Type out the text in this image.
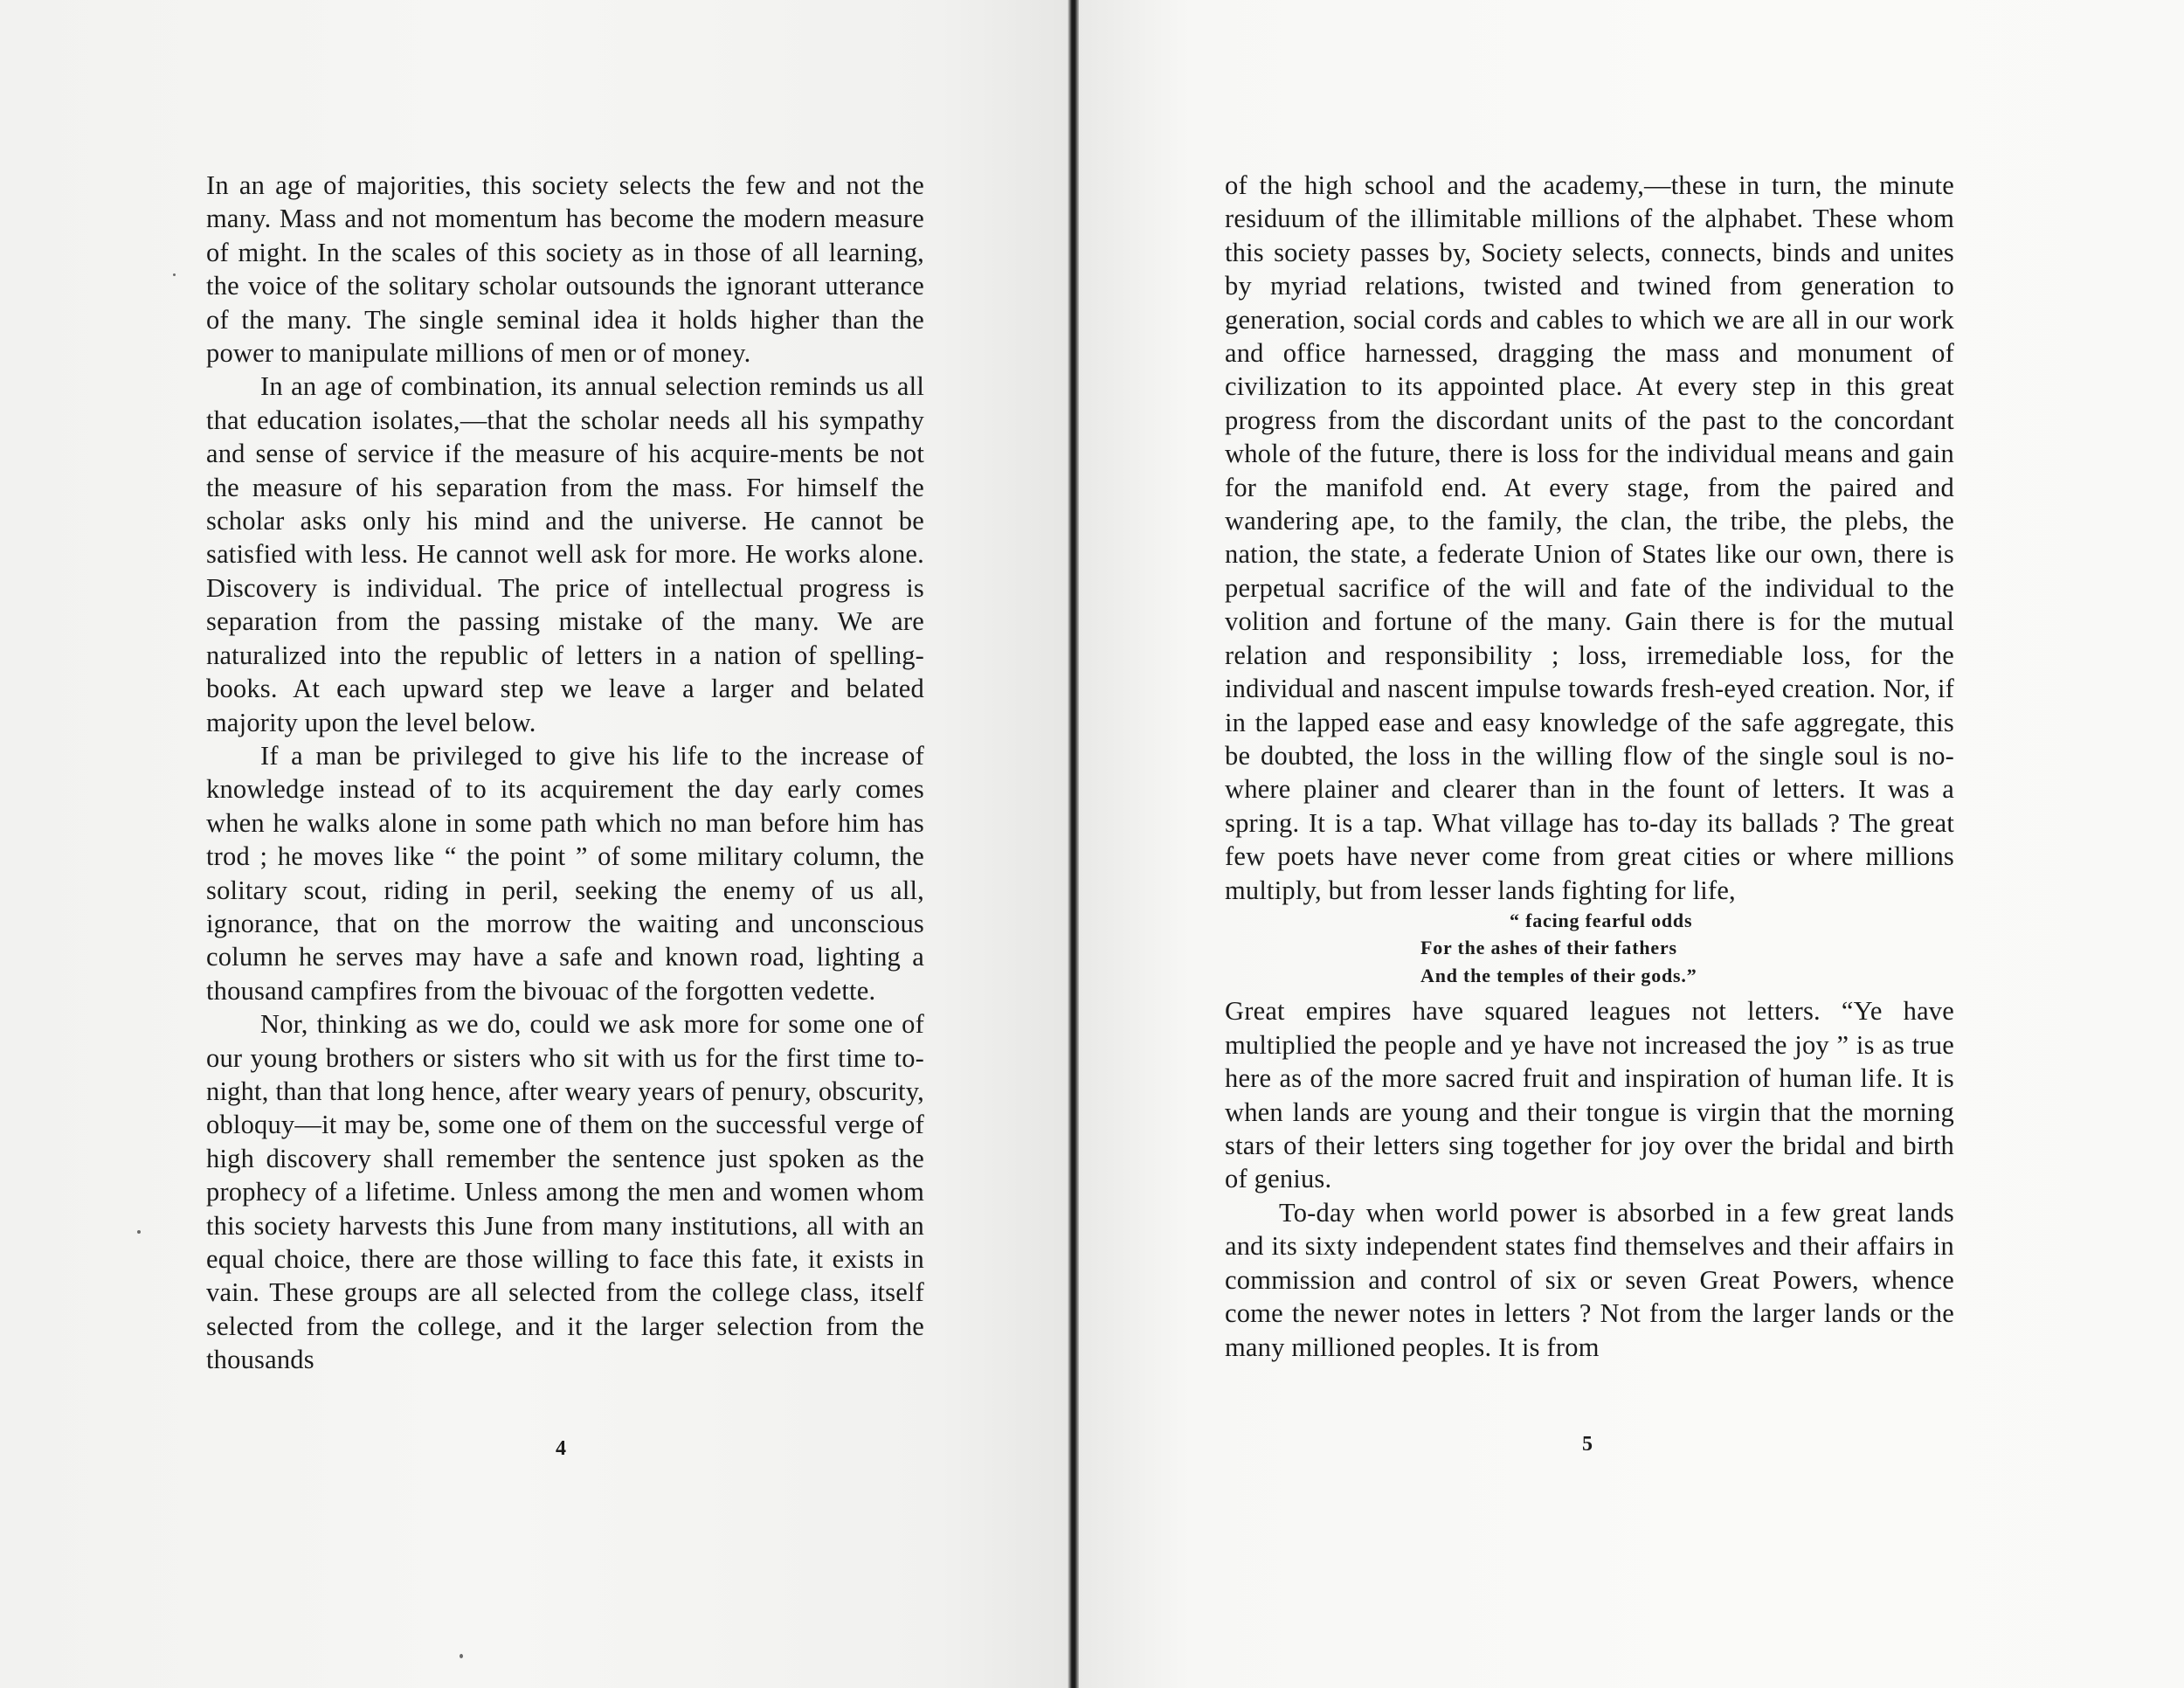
In an age of majorities, this society selects the few and not the many. Mass and not momentum has become the modern measure of might. In the scales of this society as in those of all learning, the voice of the solitary scholar outsounds the ignorant utterance of the many. The single seminal idea it holds higher than the power to manipulate millions of men or of money.

In an age of combination, its annual selection reminds us all that education isolates,—that the scholar needs all his sympathy and sense of service if the measure of his acquire-ments be not the measure of his separation from the mass. For himself the scholar asks only his mind and the universe. He cannot be satisfied with less. He cannot well ask for more. He works alone. Discovery is individual. The price of intellectual progress is separation from the passing mistake of the many. We are naturalized into the republic of letters in a nation of spelling-books. At each upward step we leave a larger and belated majority upon the level below.

If a man be privileged to give his life to the increase of knowledge instead of to its acquirement the day early comes when he walks alone in some path which no man before him has trod ; he moves like “ the point ” of some military column, the solitary scout, riding in peril, seeking the enemy of us all, ignorance, that on the morrow the waiting and unconscious column he serves may have a safe and known road, lighting a thousand campfires from the bivouac of the forgotten vedette.

Nor, thinking as we do, could we ask more for some one of our young brothers or sisters who sit with us for the first time to-night, than that long hence, after weary years of penury, obscurity, obloquy—it may be, some one of them on the successful verge of high discovery shall remember the sentence just spoken as the prophecy of a lifetime. Unless among the men and women whom this society harvests this June from many institutions, all with an equal choice, there are those willing to face this fate, it exists in vain. These groups are all selected from the college class, itself selected from the college, and it the larger selection from the thousands

4

of the high school and the academy,—these in turn, the minute residuum of the illimitable millions of the alphabet. These whom this society passes by, Society selects, connects, binds and unites by myriad relations, twisted and twined from generation to generation, social cords and cables to which we are all in our work and office harnessed, dragging the mass and monument of civilization to its appointed place. At every step in this great progress from the discordant units of the past to the concordant whole of the future, there is loss for the individual means and gain for the manifold end. At every stage, from the paired and wandering ape, to the family, the clan, the tribe, the plebs, the nation, the state, a federate Union of States like our own, there is perpetual sacrifice of the will and fate of the individual to the volition and fortune of the many. Gain there is for the mutual relation and responsibility ; loss, irremediable loss, for the individual and nascent impulse towards fresh-eyed creation. Nor, if in the lapped ease and easy knowledge of the safe aggregate, this be doubted, the loss in the willing flow of the single soul is no-where plainer and clearer than in the fount of letters. It was a spring. It is a tap. What village has to-day its ballads ? The great few poets have never come from great cities or where millions multiply, but from lesser lands fighting for life,

“ facing fearful odds
For the ashes of their fathers
And the temples of their gods.”

Great empires have squared leagues not letters. “Ye have multiplied the people and ye have not increased the joy ” is as true here as of the more sacred fruit and inspiration of human life. It is when lands are young and their tongue is virgin that the morning stars of their letters sing together for joy over the bridal and birth of genius.

To-day when world power is absorbed in a few great lands and its sixty independent states find themselves and their affairs in commission and control of six or seven Great Powers, whence come the newer notes in letters ? Not from the larger lands or the many millioned peoples. It is from

5
